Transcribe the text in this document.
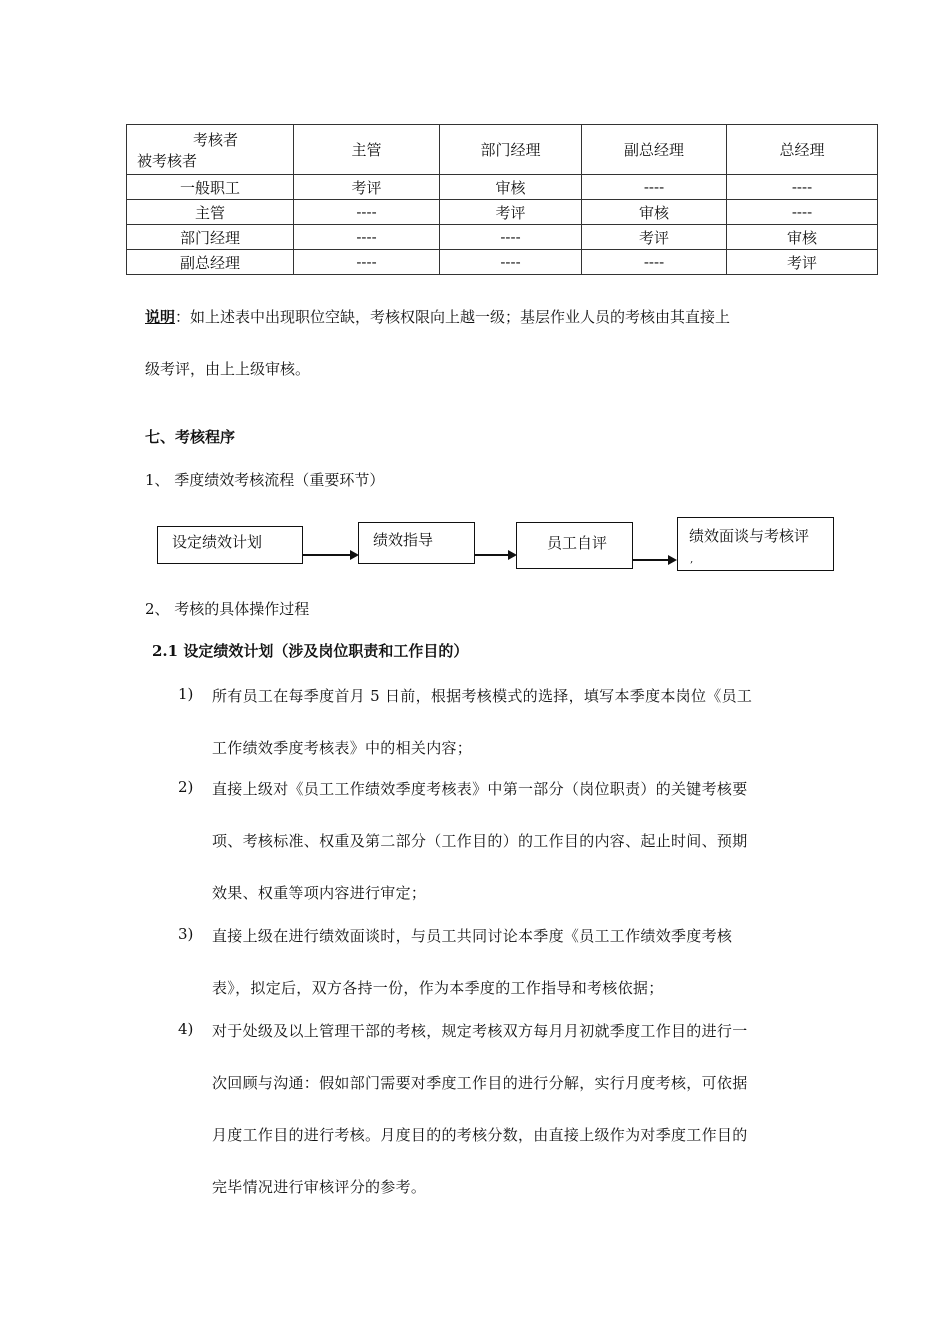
考核者
被考核者	主管	部门经理	副总经理	总经理
一般职工	考评	审核	----	----
主管	----	考评	审核	----
部门经理	----	----	考评	审核
副总经理	----	----	----	考评
说明：如上述表中出现职位空缺，考核权限向上越一级；基层作业人员的考核由其直接上
级考评，由上上级审核。
七、考核程序
1、 季度绩效考核流程（重要环节）
设定绩效计划	绩效指导	员工自评	绩效面谈与考核评
‚
2、 考核的具体操作过程
2.1 设定绩效计划（涉及岗位职责和工作目的）
1) 所有员工在每季度首月 5 日前，根据考核模式的选择，填写本季度本岗位《员工
工作绩效季度考核表》中的相关内容；
2) 直接上级对《员工工作绩效季度考核表》中第一部分（岗位职责）的关键考核要
项、考核标准、权重及第二部分（工作目的）的工作目的内容、起止时间、预期
效果、权重等项内容进行审定；
3) 直接上级在进行绩效面谈时，与员工共同讨论本季度《员工工作绩效季度考核
表》，拟定后，双方各持一份，作为本季度的工作指导和考核依据；
4) 对于处级及以上管理干部的考核，规定考核双方每月月初就季度工作目的进行一
次回顾与沟通：假如部门需要对季度工作目的进行分解，实行月度考核，可依据
月度工作目的进行考核。月度目的的考核分数，由直接上级作为对季度工作目的
完毕情况进行审核评分的参考。
